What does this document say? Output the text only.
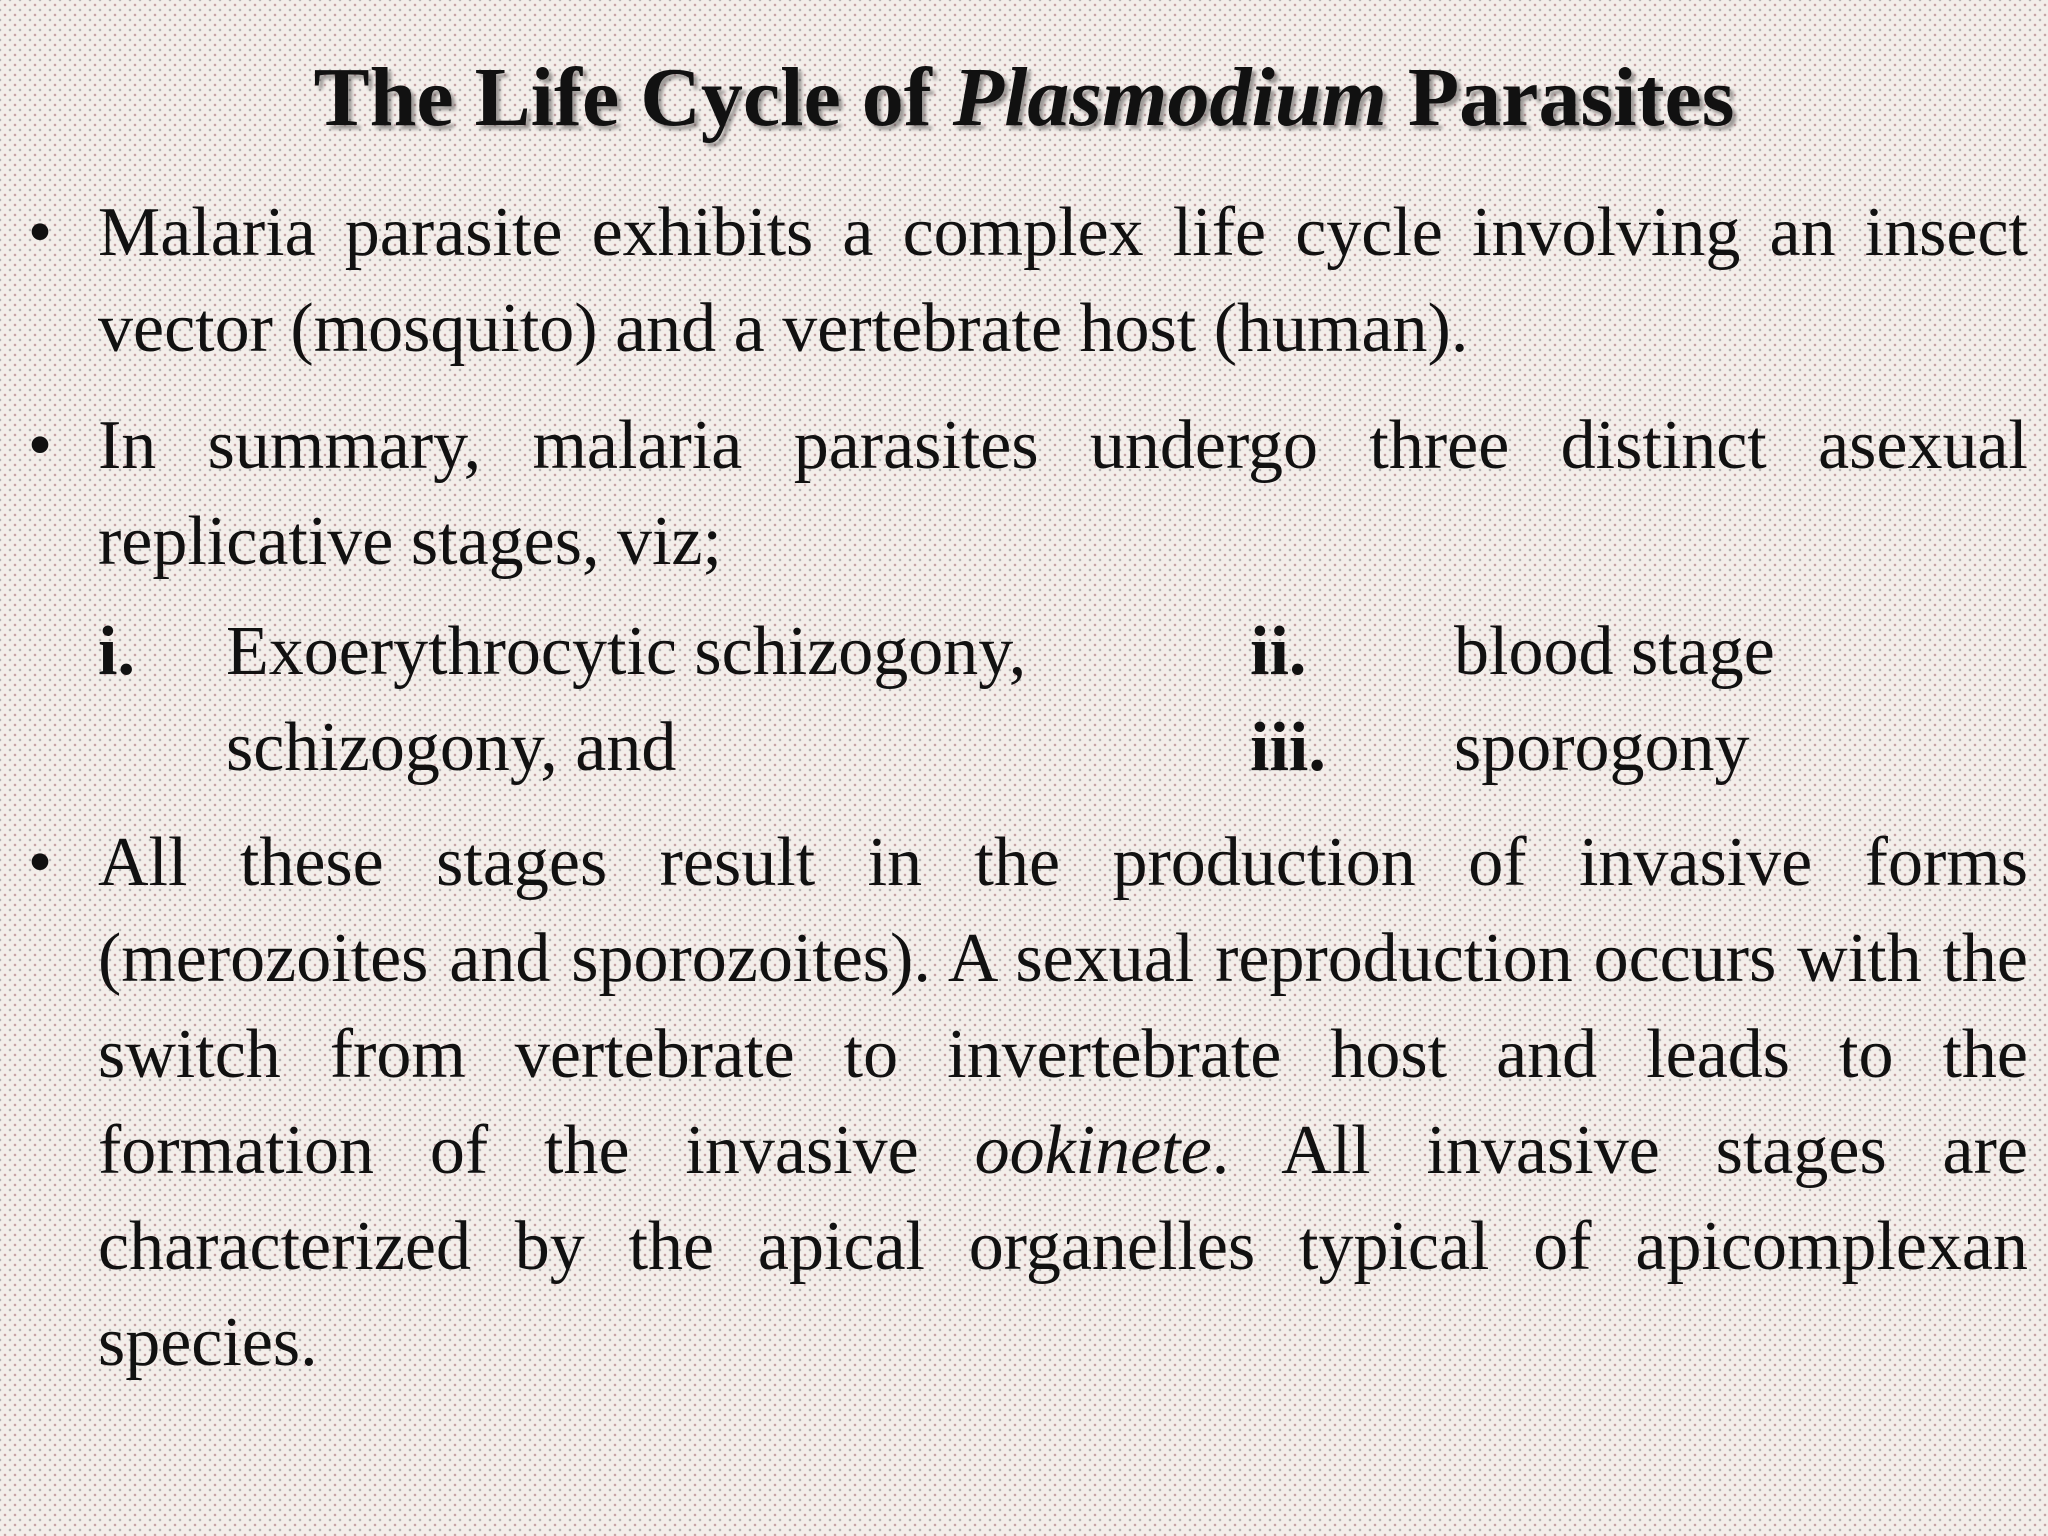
The Life Cycle of Plasmodium Parasites
• Malaria parasite exhibits a complex life cycle involving an insect vector (mosquito) and a vertebrate host (human).
• In summary, malaria parasites undergo three distinct asexual replicative stages, viz;
i. Exoerythrocytic schizogony,
schizogony, and
ii. blood stage
iii. sporogony
• All these stages result in the production of invasive forms (merozoites and sporozoites). A sexual reproduction occurs with the switch from vertebrate to invertebrate host and leads to the formation of the invasive ookinete. All invasive stages are characterized by the apical organelles typical of apicomplexan species.
